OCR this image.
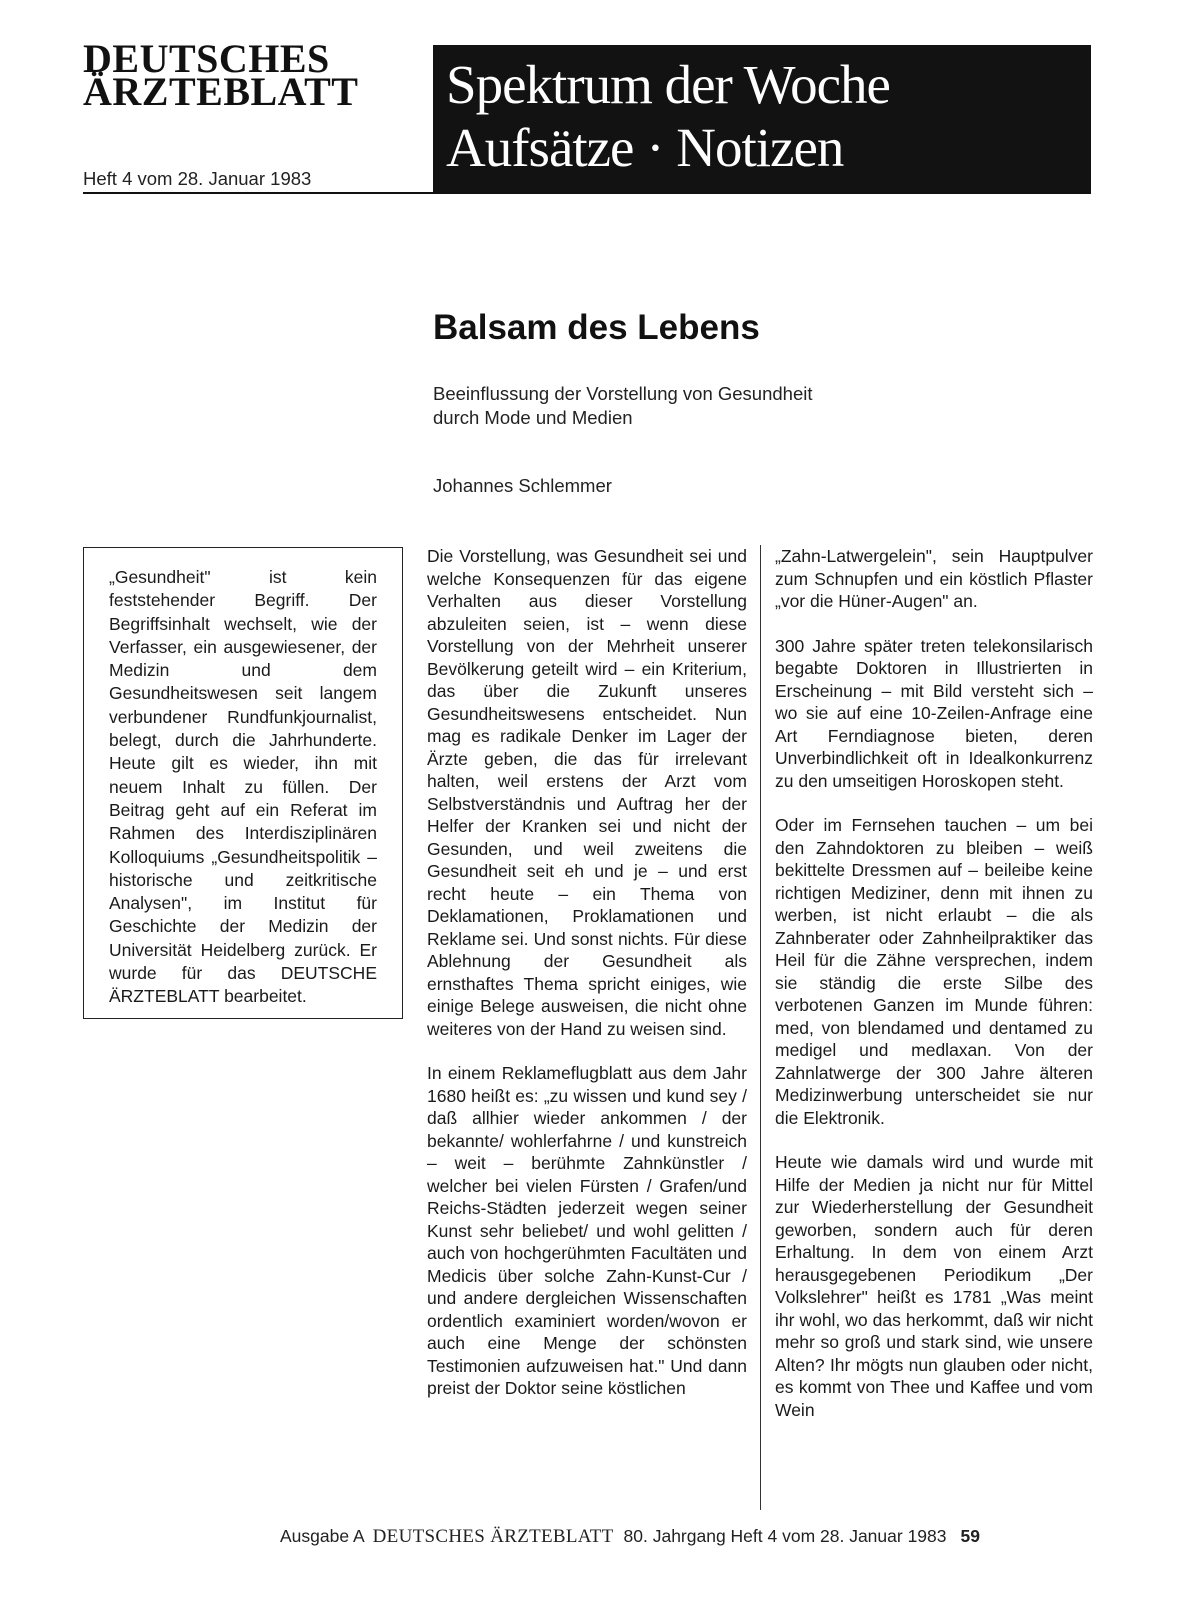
DEUTSCHES
ÄRZTEBLATT
Heft 4 vom 28. Januar 1983
Spektrum der Woche
Aufsätze · Notizen
Balsam des Lebens
Beeinflussung der Vorstellung von Gesundheit
durch Mode und Medien
Johannes Schlemmer

„Gesundheit" ist kein feststehender Begriff. Der Begriffsinhalt wechselt, wie der Verfasser, ein ausgewiesener, der Medizin und dem Gesundheitswesen seit langem verbundener Rundfunkjournalist, belegt, durch die Jahrhunderte. Heute gilt es wieder, ihn mit neuem Inhalt zu füllen. Der Beitrag geht auf ein Referat im Rahmen des Interdisziplinären Kolloquiums „Gesundheitspolitik – historische und zeitkritische Analysen", im Institut für Geschichte der Medizin der Universität Heidelberg zurück. Er wurde für das DEUTSCHE ÄRZTEBLATT bearbeitet.

Die Vorstellung, was Gesundheit sei und welche Konsequenzen für das eigene Verhalten aus dieser Vorstellung abzuleiten seien, ist – wenn diese Vorstellung von der Mehrheit unserer Bevölkerung geteilt wird – ein Kriterium, das über die Zukunft unseres Gesundheitswesens entscheidet. Nun mag es radikale Denker im Lager der Ärzte geben, die das für irrelevant halten, weil erstens der Arzt vom Selbstverständnis und Auftrag her der Helfer der Kranken sei und nicht der Gesunden, und weil zweitens die Gesundheit seit eh und je – und erst recht heute – ein Thema von Deklamationen, Proklamationen und Reklame sei. Und sonst nichts. Für diese Ablehnung der Gesundheit als ernsthaftes Thema spricht einiges, wie einige Belege ausweisen, die nicht ohne weiteres von der Hand zu weisen sind.

In einem Reklameflugblatt aus dem Jahr 1680 heißt es: „zu wissen und kund sey / daß allhier wieder ankommen / der bekannte/ wohlerfahrne / und kunstreich – weit – berühmte Zahnkünstler / welcher bei vielen Fürsten / Grafen/und Reichs-Städten jederzeit wegen seiner Kunst sehr beliebet/ und wohl gelitten / auch von hochgerühmten Facultäten und Medicis über solche Zahn-Kunst-Cur / und andere dergleichen Wissenschaften ordentlich examiniert worden/wovon er auch eine Menge der schönsten Testimonien aufzuweisen hat." Und dann preist der Doktor seine köstlichen

„Zahn-Latwergelein", sein Hauptpulver zum Schnupfen und ein köstlich Pflaster „vor die Hüner-Augen" an.

300 Jahre später treten telekonsilarisch begabte Doktoren in Illustrierten in Erscheinung – mit Bild versteht sich – wo sie auf eine 10-Zeilen-Anfrage eine Art Ferndiagnose bieten, deren Unverbindlichkeit oft in Idealkonkurrenz zu den umseitigen Horoskopen steht.

Oder im Fernsehen tauchen – um bei den Zahndoktoren zu bleiben – weiß bekittelte Dressmen auf – beileibe keine richtigen Mediziner, denn mit ihnen zu werben, ist nicht erlaubt – die als Zahnberater oder Zahnheilpraktiker das Heil für die Zähne versprechen, indem sie ständig die erste Silbe des verbotenen Ganzen im Munde führen: med, von blendamed und dentamed zu medigel und medlaxan. Von der Zahnlatwerge der 300 Jahre älteren Medizinwerbung unterscheidet sie nur die Elektronik.

Heute wie damals wird und wurde mit Hilfe der Medien ja nicht nur für Mittel zur Wiederherstellung der Gesundheit geworben, sondern auch für deren Erhaltung. In dem von einem Arzt herausgegebenen Periodikum „Der Volkslehrer" heißt es 1781 „Was meint ihr wohl, wo das herkommt, daß wir nicht mehr so groß und stark sind, wie unsere Alten? Ihr mögts nun glauben oder nicht, es kommt von Thee und Kaffee und vom Wein

Ausgabe A DEUTSCHES ÄRZTEBLATT 80. Jahrgang Heft 4 vom 28. Januar 1983 59
